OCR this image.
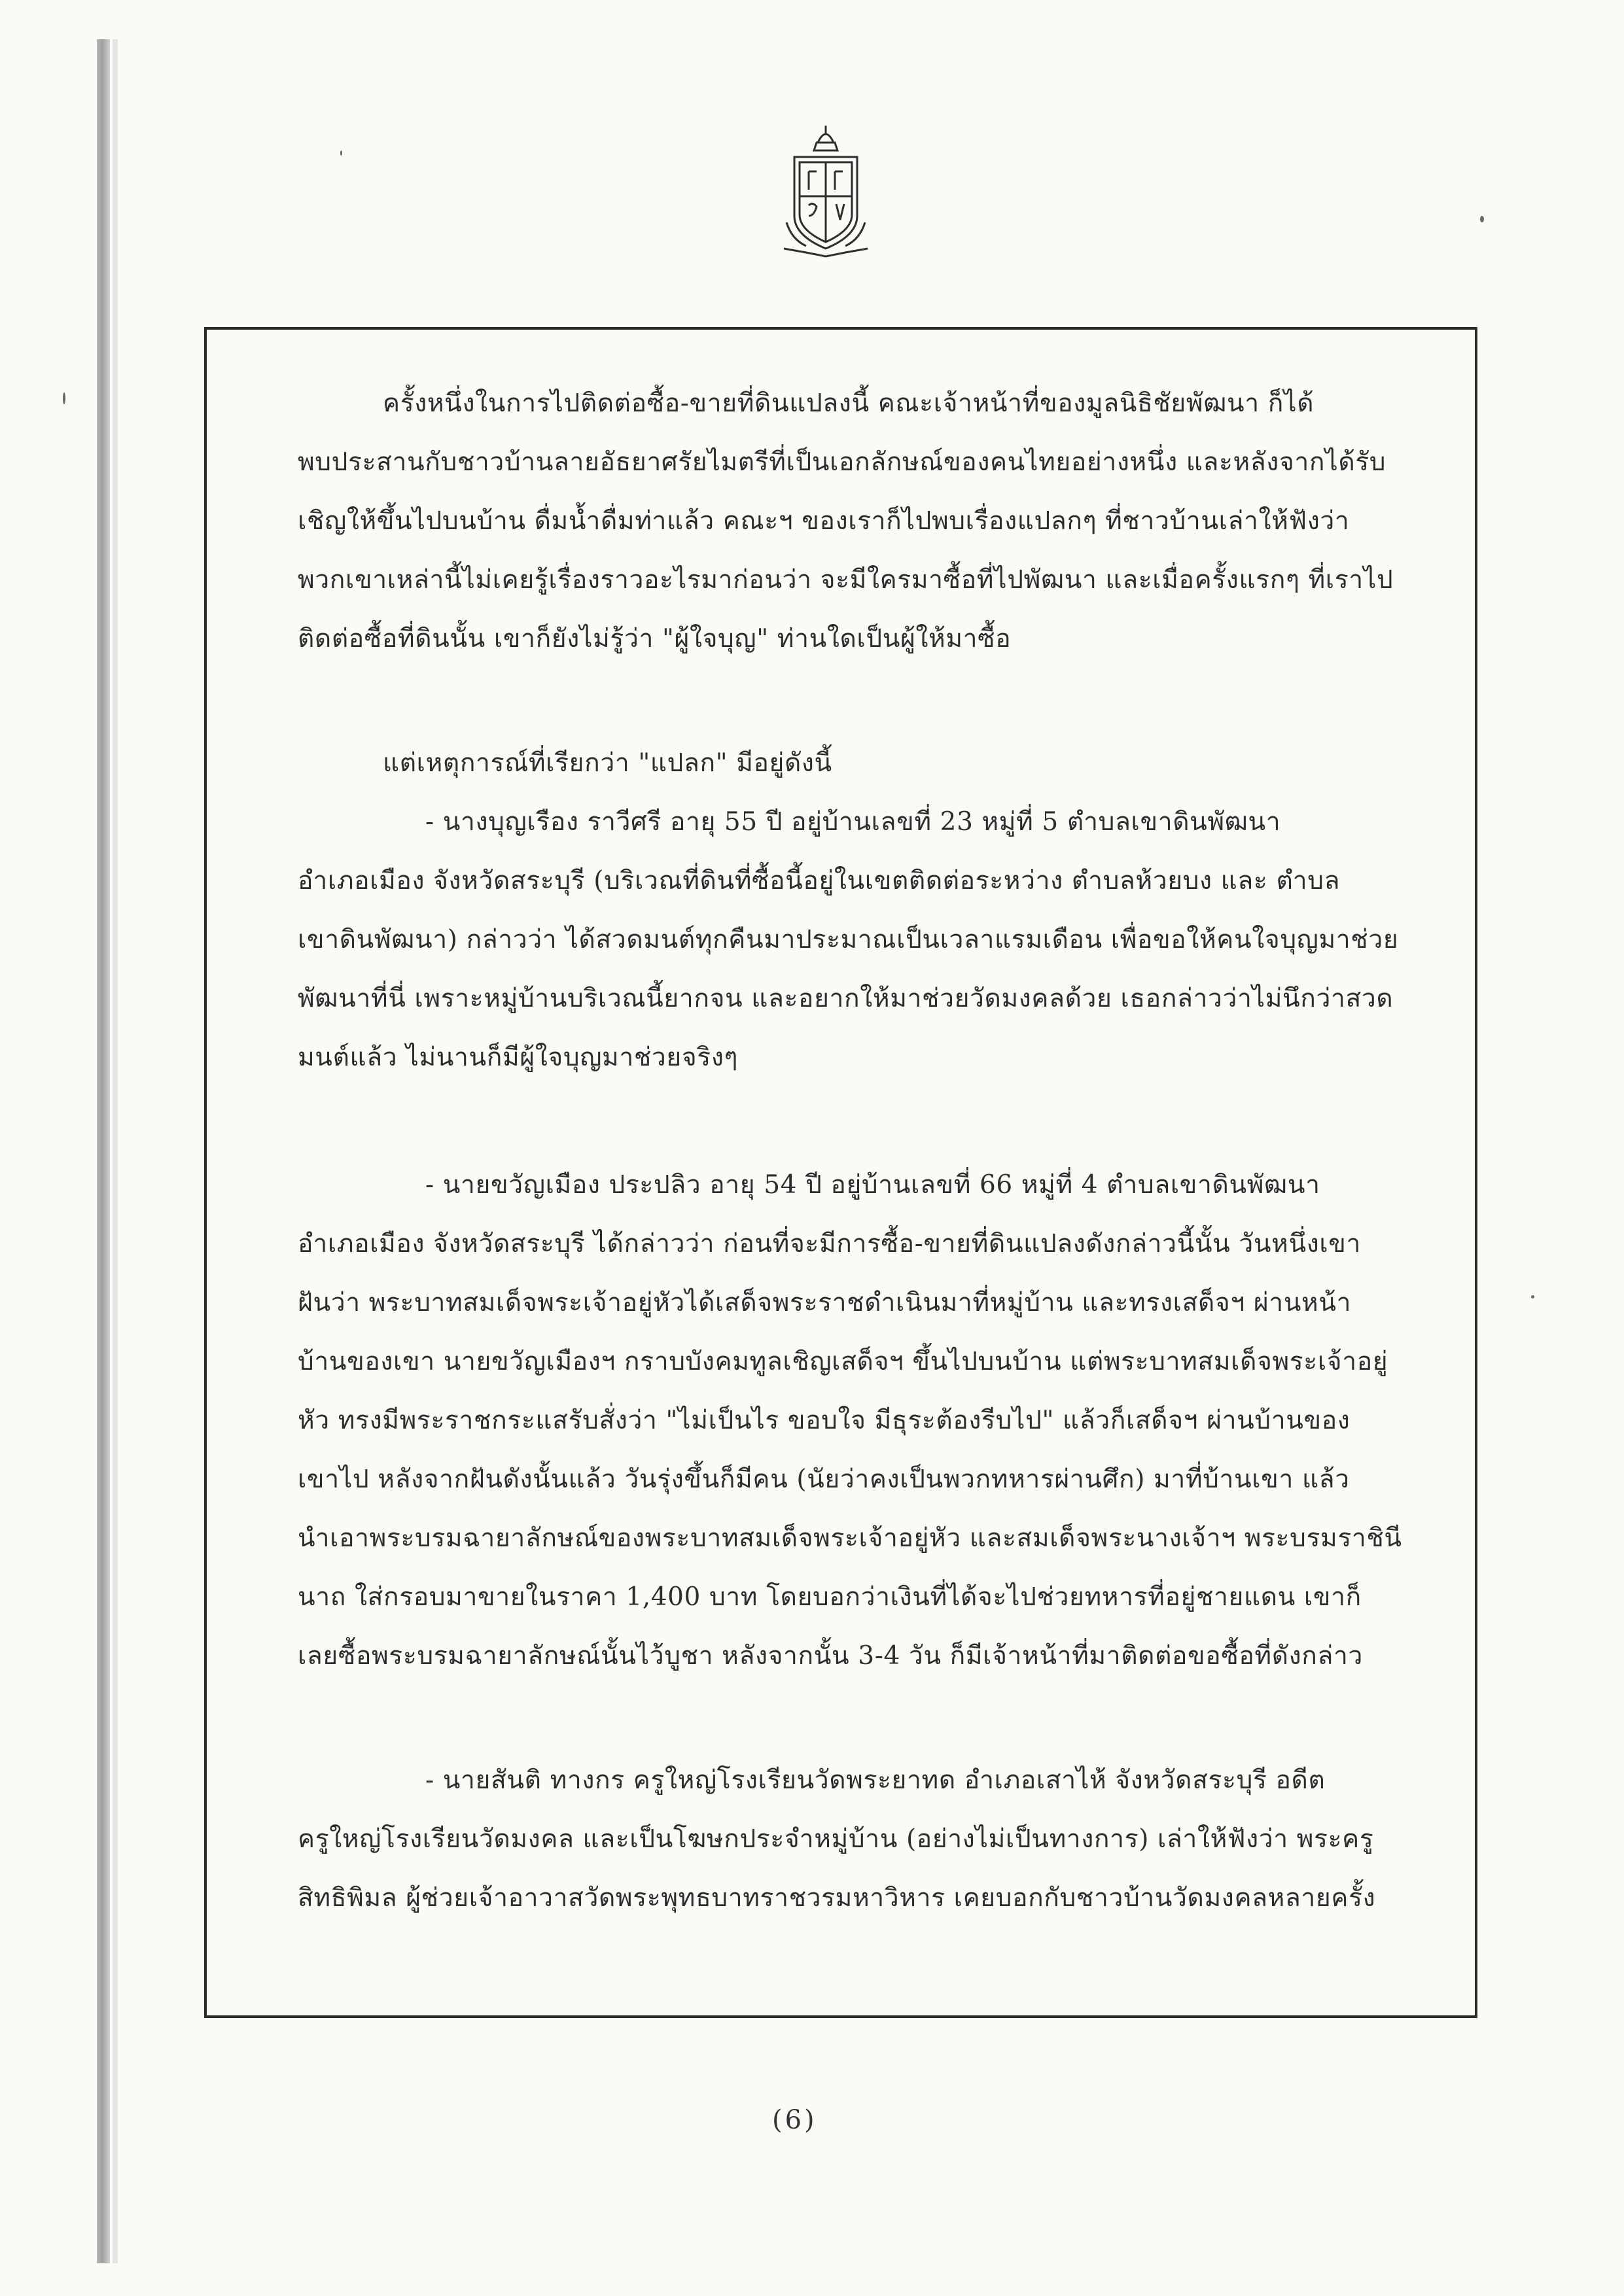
ครั้งหนึ่งในการไปติดต่อซื้อ-ขายที่ดินแปลงนี้ คณะเจ้าหน้าที่ของมูลนิธิชัยพัฒนา ก็ได้

พบประสานกับชาวบ้านลายอัธยาศรัยไมตรีที่เป็นเอกลักษณ์ของคนไทยอย่างหนึ่ง และหลังจากได้รับ

เชิญให้ขึ้นไปบนบ้าน ดื่มน้ำดื่มท่าแล้ว คณะฯ ของเราก็ไปพบเรื่องแปลกๆ ที่ชาวบ้านเล่าให้ฟังว่า

พวกเขาเหล่านี้ไม่เคยรู้เรื่องราวอะไรมาก่อนว่า จะมีใครมาซื้อที่ไปพัฒนา และเมื่อครั้งแรกๆ ที่เราไป

ติดต่อซื้อที่ดินนั้น เขาก็ยังไม่รู้ว่า "ผู้ใจบุญ" ท่านใดเป็นผู้ให้มาซื้อ

แต่เหตุการณ์ที่เรียกว่า "แปลก" มีอยู่ดังนี้

- นางบุญเรือง ราวีศรี อายุ 55 ปี อยู่บ้านเลขที่ 23 หมู่ที่ 5 ตำบลเขาดินพัฒนา

อำเภอเมือง จังหวัดสระบุรี (บริเวณที่ดินที่ซื้อนี้อยู่ในเขตติดต่อระหว่าง ตำบลห้วยบง และ ตำบล

เขาดินพัฒนา) กล่าวว่า ได้สวดมนต์ทุกคืนมาประมาณเป็นเวลาแรมเดือน เพื่อขอให้คนใจบุญมาช่วย

พัฒนาที่นี่ เพราะหมู่บ้านบริเวณนี้ยากจน และอยากให้มาช่วยวัดมงคลด้วย เธอกล่าวว่าไม่นึกว่าสวด

มนต์แล้ว ไม่นานก็มีผู้ใจบุญมาช่วยจริงๆ

- นายขวัญเมือง ประปลิว อายุ 54 ปี อยู่บ้านเลขที่ 66 หมู่ที่ 4 ตำบลเขาดินพัฒนา

อำเภอเมือง จังหวัดสระบุรี ได้กล่าวว่า ก่อนที่จะมีการซื้อ-ขายที่ดินแปลงดังกล่าวนี้นั้น วันหนึ่งเขา

ฝันว่า พระบาทสมเด็จพระเจ้าอยู่หัวได้เสด็จพระราชดำเนินมาที่หมู่บ้าน และทรงเสด็จฯ ผ่านหน้า

บ้านของเขา นายขวัญเมืองฯ กราบบังคมทูลเชิญเสด็จฯ ขึ้นไปบนบ้าน แต่พระบาทสมเด็จพระเจ้าอยู่

หัว ทรงมีพระราชกระแสรับสั่งว่า "ไม่เป็นไร ขอบใจ มีธุระต้องรีบไป" แล้วก็เสด็จฯ ผ่านบ้านของ

เขาไป หลังจากฝันดังนั้นแล้ว วันรุ่งขึ้นก็มีคน (นัยว่าคงเป็นพวกทหารผ่านศึก) มาที่บ้านเขา แล้ว

นำเอาพระบรมฉายาลักษณ์ของพระบาทสมเด็จพระเจ้าอยู่หัว และสมเด็จพระนางเจ้าฯ พระบรมราชินี

นาถ ใส่กรอบมาขายในราคา 1,400 บาท โดยบอกว่าเงินที่ได้จะไปช่วยทหารที่อยู่ชายแดน เขาก็

เลยซื้อพระบรมฉายาลักษณ์นั้นไว้บูชา หลังจากนั้น 3-4 วัน ก็มีเจ้าหน้าที่มาติดต่อขอซื้อที่ดังกล่าว

- นายสันติ ทางกร ครูใหญ่โรงเรียนวัดพระยาทด อำเภอเสาไห้ จังหวัดสระบุรี อดีต

ครูใหญ่โรงเรียนวัดมงคล และเป็นโฆษกประจำหมู่บ้าน (อย่างไม่เป็นทางการ) เล่าให้ฟังว่า พระครู

สิทธิพิมล ผู้ช่วยเจ้าอาวาสวัดพระพุทธบาทราชวรมหาวิหาร เคยบอกกับชาวบ้านวัดมงคลหลายครั้ง

(6)
